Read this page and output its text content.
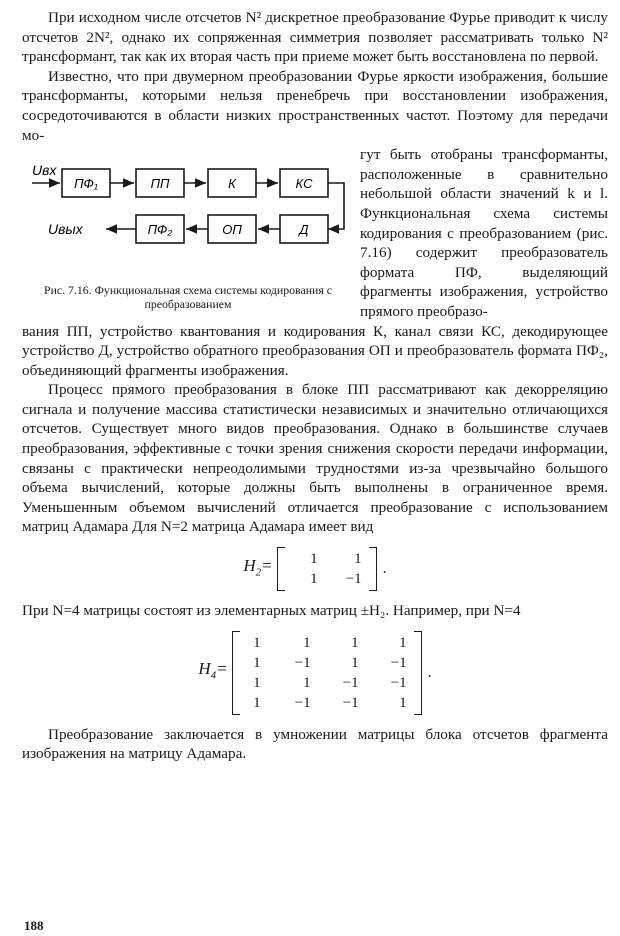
При исходном числе отсчетов N² дискретное преобразование Фурье приводит к числу отсчетов 2N², однако их сопряженная симметрия позволяет рассматривать только N² трансформант, так как их вторая часть при приеме может быть восстановлена по первой.

Известно, что при двумерном преобразовании Фурье яркости изображения, большие трансформанты, которыми нельзя пренебречь при восстановлении изображения, сосредоточиваются в области низких пространственных частот. Поэтому для передачи мо-

Uвх
ПФ₁	ПП	К	КС
Д
ОП
ПФ₂
Uвых
Рис. 7.16. Функциональная схема системы кодирования с преобразованием

гут быть отобраны трансформанты, расположенные в сравнительно небольшой области значений k и l. Функциональная схема системы кодирования с преобразованием (рис. 7.16) содержит преобразователь формата ПФ, выделяющий фрагменты изображения, устройство прямого преобразо-

вания ПП, устройство квантования и кодирования К, канал связи КС, декодирующее устройство Д, устройство обратного преобразования ОП и преобразователь формата ПФ₂, объединяющий фрагменты изображения.

Процесс прямого преобразования в блоке ПП рассматривают как декорреляцию сигнала и получение массива статистически независимых и значительно отличающихся отсчетов. Существует много видов преобразования. Однако в большинстве случаев преобразования, эффективные с точки зрения снижения скорости передачи информации, связаны с практически непреодолимыми трудностями из-за чрезвычайно большого объема вычислений, которые должны быть выполнены в ограниченное время. Уменьшенным объемом вычислений отличается преобразование с использованием матриц Адамара Для N=2 матрица Адамара имеет вид

$H_2=$	1	1
1	−1
.

При N=4 матрицы состоят из элементарных матриц ±H₂. Например, при N=4

$H_4=$
1	1	1	1
1	−1	1	−1
1	1	−1	−1
1	−1	−1	1
.

Преобразование заключается в умножении матрицы блока отсчетов фрагмента изображения на матрицу Адамара.

188
